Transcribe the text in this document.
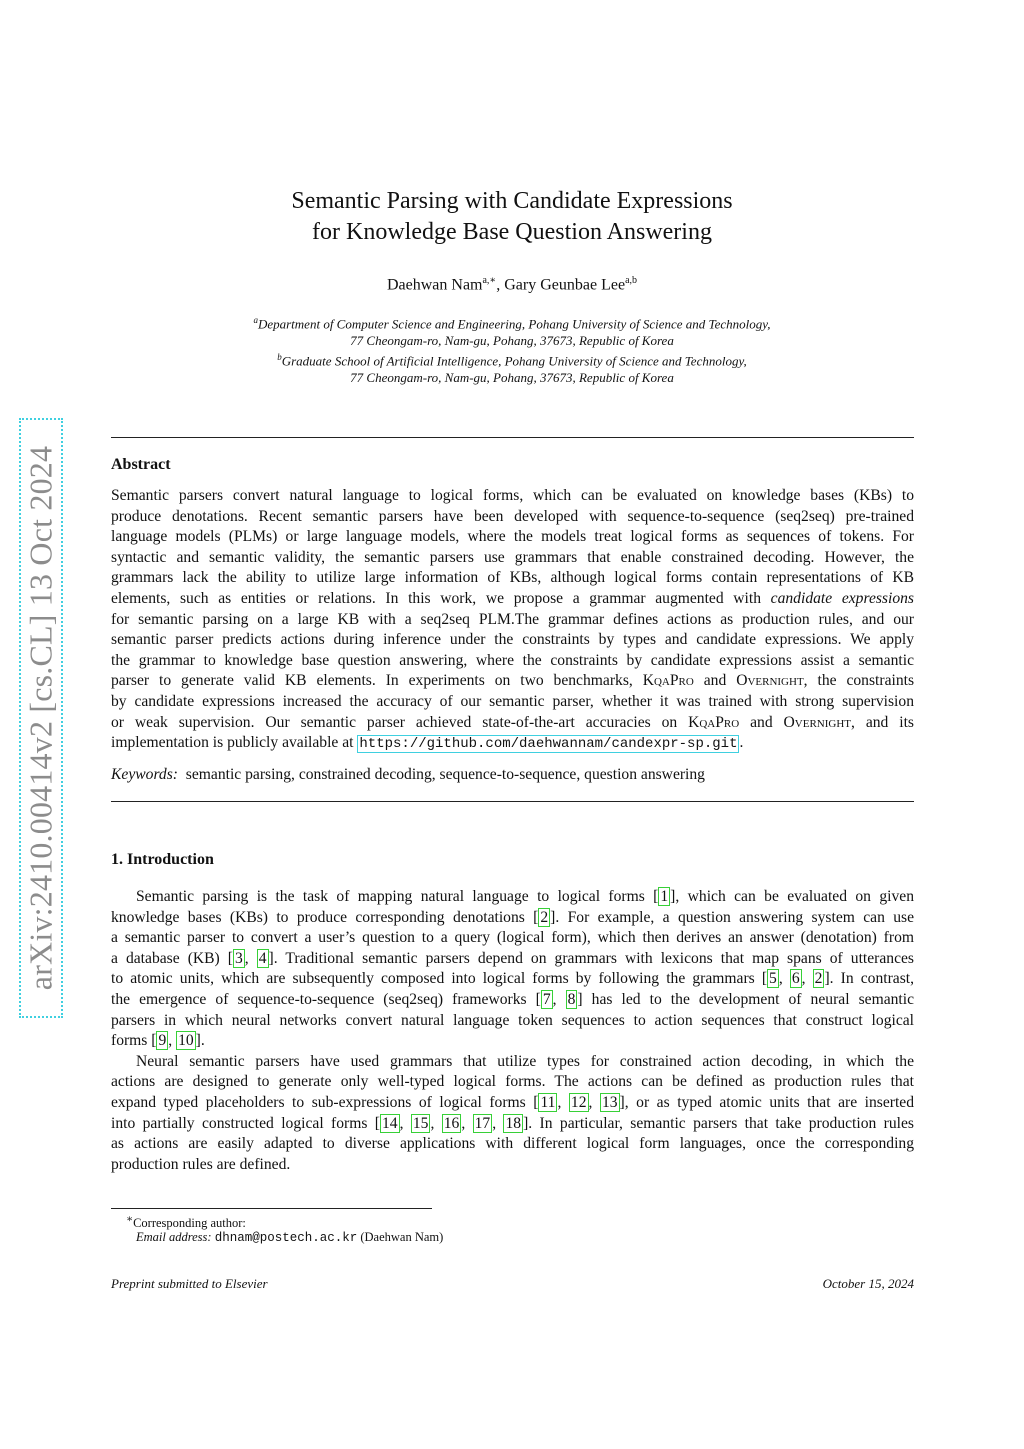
arXiv:2410.00414v2 [cs.CL] 13 Oct 2024
Semantic Parsing with Candidate Expressions
for Knowledge Base Question Answering
Daehwan Nam$^{a,∗}$, Gary Geunbae Lee$^{a,b}$
$^a$Department of Computer Science and Engineering, Pohang University of Science and Technology,
77 Cheongam-ro, Nam-gu, Pohang, 37673, Republic of Korea
$^b$Graduate School of Artificial Intelligence, Pohang University of Science and Technology,
77 Cheongam-ro, Nam-gu, Pohang, 37673, Republic of Korea
Abstract
Semantic parsers convert natural language to logical forms, which can be evaluated on knowledge bases (KBs) to
produce denotations. Recent semantic parsers have been developed with sequence-to-sequence (seq2seq) pre-trained
language models (PLMs) or large language models, where the models treat logical forms as sequences of tokens. For
syntactic and semantic validity, the semantic parsers use grammars that enable constrained decoding. However, the
grammars lack the ability to utilize large information of KBs, although logical forms contain representations of KB
elements, such as entities or relations. In this work, we propose a grammar augmented with candidate expressions
for semantic parsing on a large KB with a seq2seq PLM.The grammar defines actions as production rules, and our
semantic parser predicts actions during inference under the constraints by types and candidate expressions. We apply
the grammar to knowledge base question answering, where the constraints by candidate expressions assist a semantic
parser to generate valid KB elements. In experiments on two benchmarks, KqaPro and Overnight, the constraints
by candidate expressions increased the accuracy of our semantic parser, whether it was trained with strong supervision
or weak supervision. Our semantic parser achieved state-of-the-art accuracies on KqaPro and Overnight, and its
implementation is publicly available at https://github.com/daehwannam/candexpr-sp.git .
Keywords: semantic parsing, constrained decoding, sequence-to-sequence, question answering
1. Introduction
Semantic parsing is the task of mapping natural language to logical forms [ 1 ], which can be evaluated on given
knowledge bases (KBs) to produce corresponding denotations [ 2 ]. For example, a question answering system can use
a semantic parser to convert a user’s question to a query (logical form), which then derives an answer (denotation) from
a database (KB) [ 3 , 4 ]. Traditional semantic parsers depend on grammars with lexicons that map spans of utterances
to atomic units, which are subsequently composed into logical forms by following the grammars [ 5 , 6 , 2 ]. In contrast,
the emergence of sequence-to-sequence (seq2seq) frameworks [ 7 , 8 ] has led to the development of neural semantic
parsers in which neural networks convert natural language token sequences to action sequences that construct logical
forms [ 9 , 10 ].
Neural semantic parsers have used grammars that utilize types for constrained action decoding, in which the
actions are designed to generate only well-typed logical forms. The actions can be defined as production rules that
expand typed placeholders to sub-expressions of logical forms [ 11 , 12 , 13 ], or as typed atomic units that are inserted
into partially constructed logical forms [ 14 , 15 , 16 , 17 , 18 ]. In particular, semantic parsers that take production rules
as actions are easily adapted to diverse applications with different logical form languages, once the corresponding
production rules are defined.
∗Corresponding author:
Email address: dhnam@postech.ac.kr (Daehwan Nam)
Preprint submitted to Elsevier	October 15, 2024
